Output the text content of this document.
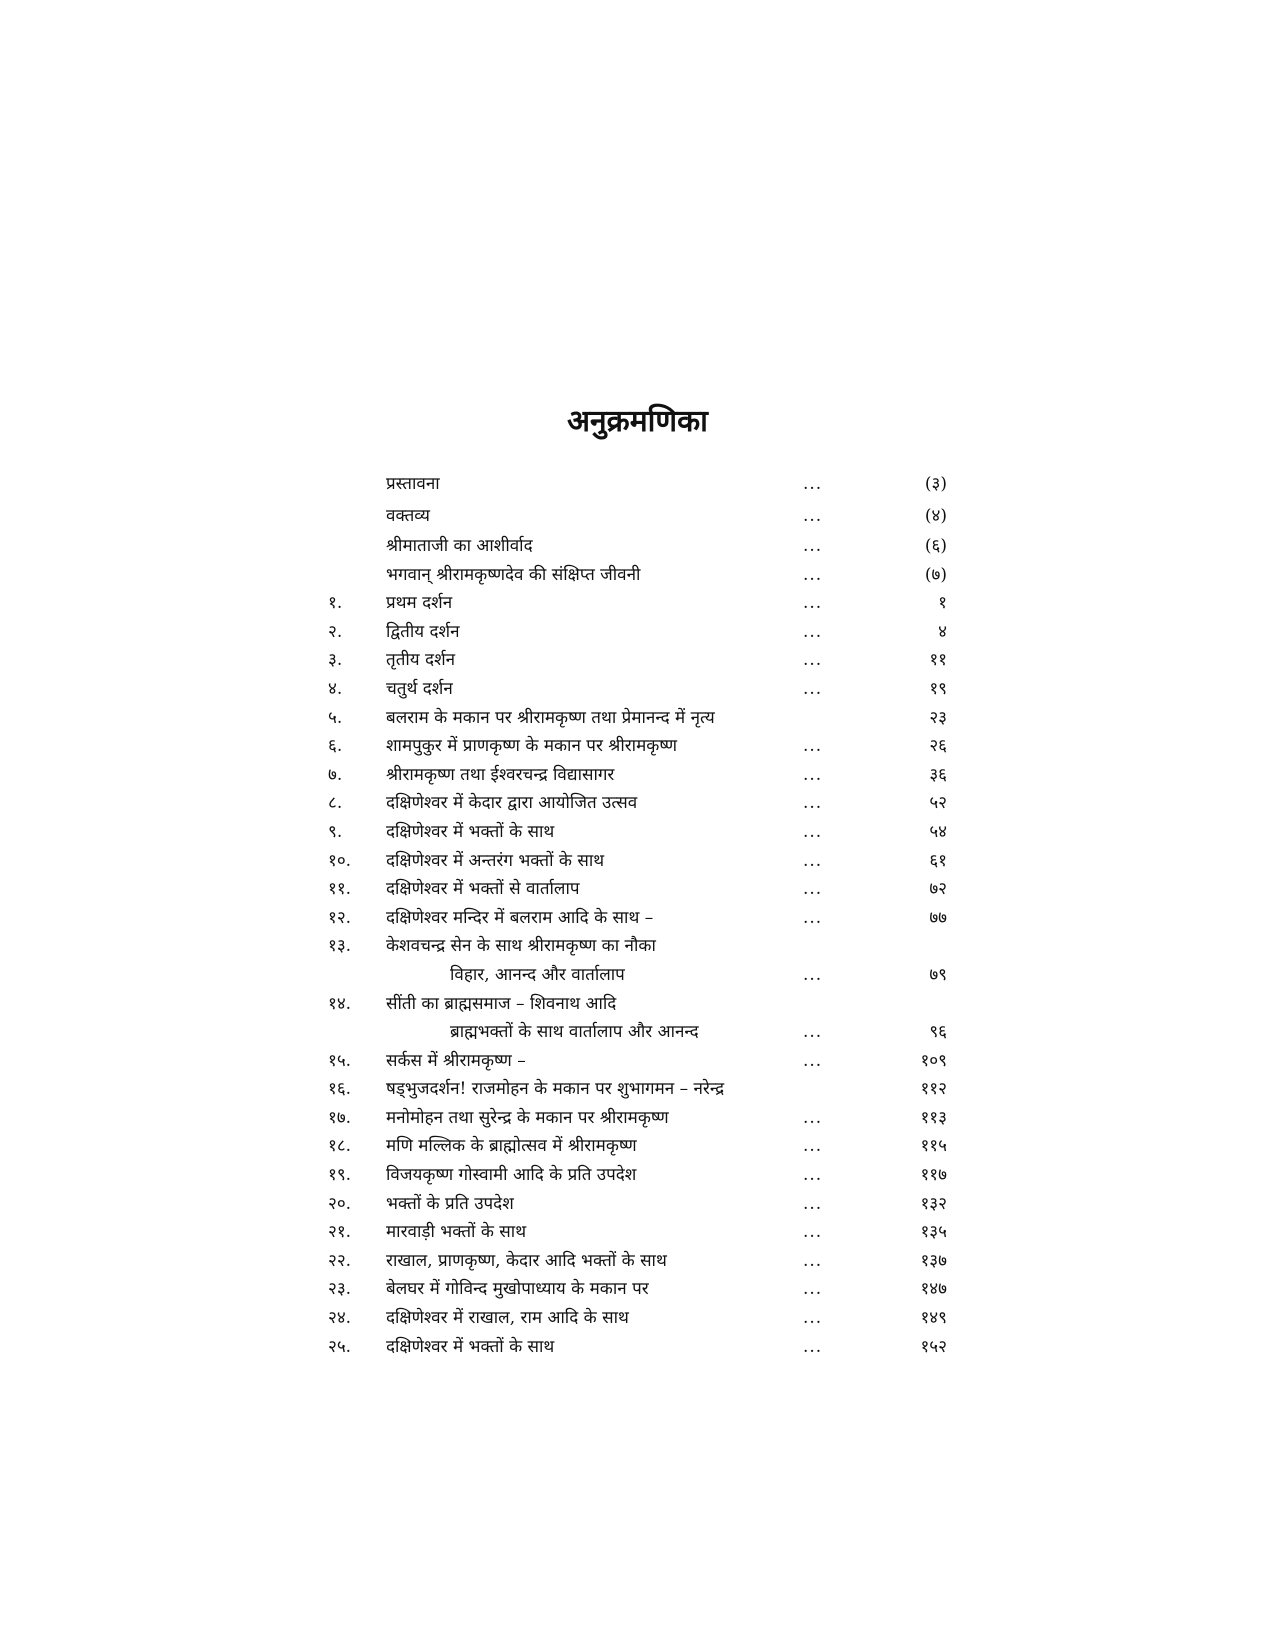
अनुक्रमणिका
प्रस्तावना	...	(३)
वक्तव्य	...	(४)
श्रीमाताजी का आशीर्वाद	...	(६)
भगवान् श्रीरामकृष्णदेव की संक्षिप्त जीवनी	...	(७)
१.	प्रथम दर्शन	...	१
२.	द्वितीय दर्शन	...	४
३.	तृतीय दर्शन	...	११
४.	चतुर्थ दर्शन	...	१९
५.	बलराम के मकान पर श्रीरामकृष्ण तथा प्रेमानन्द में नृत्य	२३
६.	शामपुकुर में प्राणकृष्ण के मकान पर श्रीरामकृष्ण	...	२६
७.	श्रीरामकृष्ण तथा ईश्वरचन्द्र विद्यासागर	...	३६
८.	दक्षिणेश्वर में केदार द्वारा आयोजित उत्सव	...	५२
९.	दक्षिणेश्वर में भक्तों के साथ	...	५४
१०.	दक्षिणेश्वर में अन्तरंग भक्तों के साथ	...	६१
११.	दक्षिणेश्वर में भक्तों से वार्तालाप	...	७२
१२.	दक्षिणेश्वर मन्दिर में बलराम आदि के साथ –	...	७७
१३.	केशवचन्द्र सेन के साथ श्रीरामकृष्ण का नौका
विहार, आनन्द और वार्तालाप	...	७९
१४.	सींती का ब्राह्मसमाज – शिवनाथ आदि
ब्राह्मभक्तों के साथ वार्तालाप और आनन्द	...	९६
१५.	सर्कस में श्रीरामकृष्ण –	...	१०९
१६.	षड्भुजदर्शन! राजमोहन के मकान पर शुभागमन – नरेन्द्र	११२
१७.	मनोमोहन तथा सुरेन्द्र के मकान पर श्रीरामकृष्ण	...	११३
१८.	मणि मल्लिक के ब्राह्मोत्सव में श्रीरामकृष्ण	...	११५
१९.	विजयकृष्ण गोस्वामी आदि के प्रति उपदेश	...	११७
२०.	भक्तों के प्रति उपदेश	...	१३२
२१.	मारवाड़ी भक्तों के साथ	...	१३५
२२.	राखाल, प्राणकृष्ण, केदार आदि भक्तों के साथ	...	१३७
२३.	बेलघर में गोविन्द मुखोपाध्याय के मकान पर	...	१४७
२४.	दक्षिणेश्वर में राखाल, राम आदि के साथ	...	१४९
२५.	दक्षिणेश्वर में भक्तों के साथ	...	१५२
